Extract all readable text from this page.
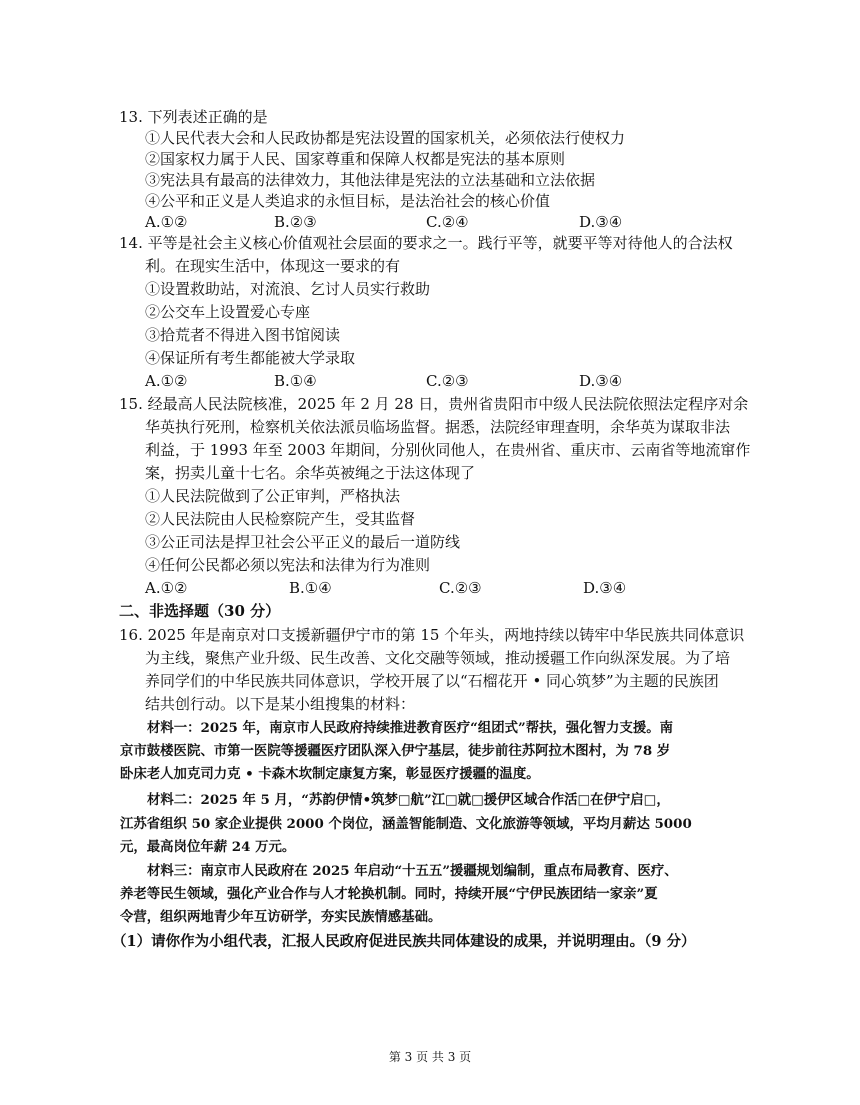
13. 下列表述正确的是
①人民代表大会和人民政协都是宪法设置的国家机关，必须依法行使权力
②国家权力属于人民、国家尊重和保障人权都是宪法的基本原则
③宪法具有最高的法律效力，其他法律是宪法的立法基础和立法依据
④公平和正义是人类追求的永恒目标，是法治社会的核心价值
A.①②	B.②③	C.②④	D.③④
14. 平等是社会主义核心价值观社会层面的要求之一。践行平等，就要平等对待他人的合法权
利。在现实生活中，体现这一要求的有
①设置救助站，对流浪、乞讨人员实行救助
②公交车上设置爱心专座
③拾荒者不得进入图书馆阅读
④保证所有考生都能被大学录取
A.①②	B.①④	C.②③	D.③④
15. 经最高人民法院核准，2025 年 2 月 28 日，贵州省贵阳市中级人民法院依照法定程序对余
华英执行死刑，检察机关依法派员临场监督。据悉，法院经审理查明，余华英为谋取非法
利益，于 1993 年至 2003 年期间，分别伙同他人，在贵州省、重庆市、云南省等地流窜作
案，拐卖儿童十七名。余华英被绳之于法这体现了
①人民法院做到了公正审判，严格执法
②人民法院由人民检察院产生，受其监督
③公正司法是捍卫社会公平正义的最后一道防线
④任何公民都必须以宪法和法律为行为准则
A.①②	B.①④	C.②③	D.③④
二、非选择题（30 分）
16. 2025 年是南京对口支援新疆伊宁市的第 15 个年头，两地持续以铸牢中华民族共同体意识
为主线，聚焦产业升级、民生改善、文化交融等领域，推动援疆工作向纵深发展。为了培
养同学们的中华民族共同体意识，学校开展了以“石榴花开 • 同心筑梦”为主题的民族团
结共创行动。以下是某小组搜集的材料：
材料一：2025 年，南京市人民政府持续推进教育医疗“组团式”帮扶，强化智力支援。南
京市鼓楼医院、市第一医院等援疆医疗团队深入伊宁基层，徒步前往苏阿拉木图村，为 78 岁
卧床老人加克司力克 • 卡森木坎制定康复方案，彰显医疗援疆的温度。
材料二：2025 年 5 月，“苏韵伊情•筑梦□航”江□就□援伊区域合作活□在伊宁启□，
江苏省组织 50 家企业提供 2000 个岗位，涵盖智能制造、文化旅游等领域，平均月薪达 5000
元，最高岗位年薪 24 万元。
材料三：南京市人民政府在 2025 年启动“十五五”援疆规划编制，重点布局教育、医疗、
养老等民生领域，强化产业合作与人才轮换机制。同时，持续开展“宁伊民族团结一家亲”夏
令营，组织两地青少年互访研学，夯实民族情感基础。
（1）请你作为小组代表，汇报人民政府促进民族共同体建设的成果，并说明理由。（9 分）
第 3 页 共 3 页
